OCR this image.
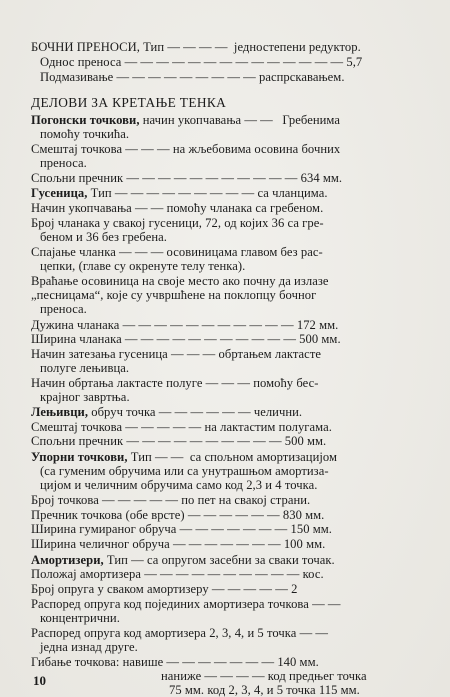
БОЧНИ ПРЕНОСИ, Тип — — — —  једностепени редуктор.
Однос преноса — — — — — — — — — — — — — — 5,7
Подмазивање — — — — — — — — — распрскавањем.
ДЕЛОВИ ЗА КРЕТАЊЕ ТЕНКА
Погонски точкови, начин укопчавања — —   Гребенима
помоћу точкића.
Смештај точкова — — — на жљебовима осовина бочних
преноса.
Спољни пречник — — — — — — — — — — — 634 мм.
Гусеница, Тип — — — — — — — — — са чланцима.
Начин укопчавања — — помоћу чланака са гребеном.
Број чланака у свакој гусеници, 72, од којих 36 са гре-
беном и 36 без гребена.
Спајање чланка — — — осовиницама главом без рас-
цепки, (главе су окренуте телу тенка).
Враћање осовиница на своје место ако почну да излазе
„песницама“, које су учвршћене на поклопцу бочног
преноса.
Дужина чланака — — — — — — — — — — — 172 мм.
Ширина чланака — — — — — — — — — — — 500 мм.
Начин затезања гусеница — — — обртањем лактасте
полуге лењивца.
Начин обртања лактасте полуге — — — помоћу бес-
крајног завртња.
Лењивци, обруч точка — — — — — — челични.
Смештај точкова — — — — — на лактастим полугама.
Спољни пречник — — — — — — — — — — 500 мм.
Упорни точкови, Тип — —  са спољном амортизацијом
(са гуменим обручима или са унутрашњом амортиза-
цијом и челичним обручима само код 2,3 и 4 точка.
Број точкова — — — — — по пет на свакој страни.
Пречник точкова (обе врсте) — — — — — — 830 мм.
Ширина гумираног обруча — — — — — — — 150 мм.
Ширина челичног обруча — — — — — — — 100 мм.
Амортизери, Тип — са опругом засебни за сваки точак.
Положај амортизера — — — — — — — — — — кос.
Број опруга у сваком амортизеру — — — — — 2
Распоред опруга код појединих амортизера точкова — —
концентрични.
Распоред опруга код амортизера 2, 3, 4, и 5 точка — —
једна изнад друге.
Гибање точкова: навише — — — — — — — 140 мм.
наниже — — — — код предњег точка
75 мм. код 2, 3, 4, и 5 точка 115 мм.
10
